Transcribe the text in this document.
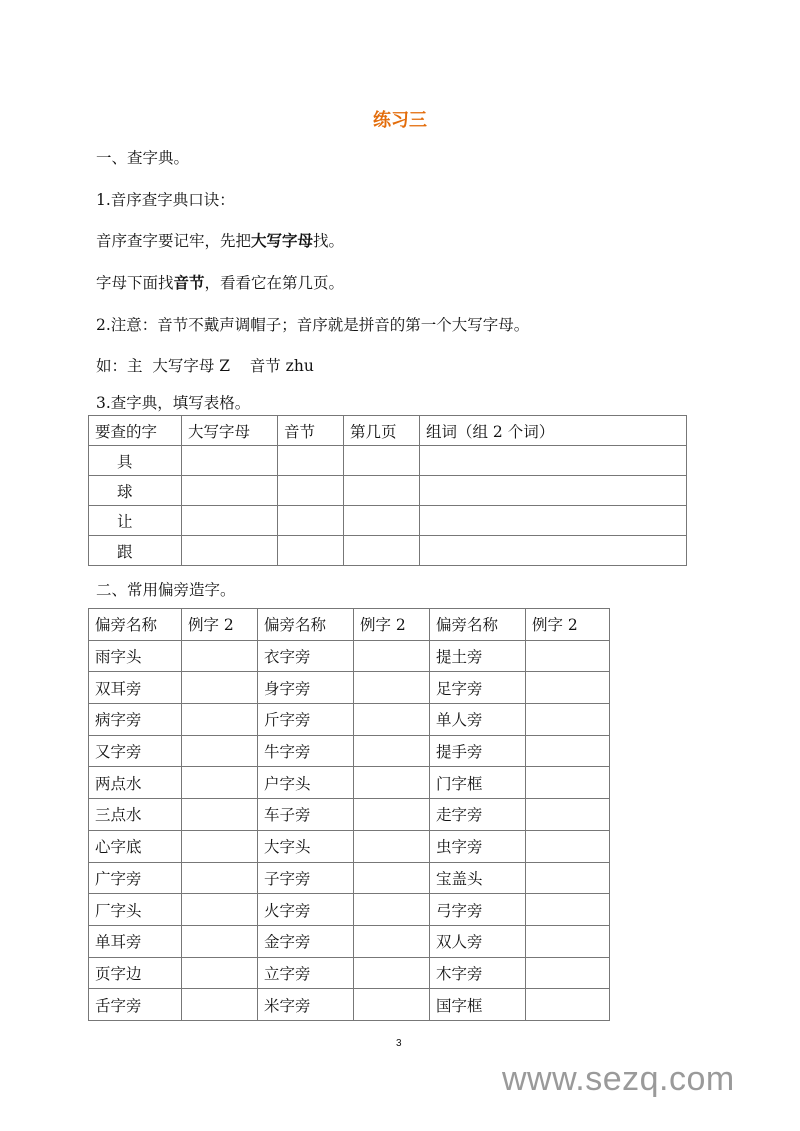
练习三
一、查字典。
1.音序查字典口诀：
音序查字要记牢，先把大写字母找。
字母下面找音节，看看它在第几页。
2.注意：音节不戴声调帽子；音序就是拼音的第一个大写字母。
如：主  大写字母 Z    音节 zhu
3.查字典，填写表格。
要查的字	大写字母	音节	第几页	组词（组 2 个词）
具				
球				
让				
跟				
二、常用偏旁造字。
偏旁名称	例字 2	偏旁名称	例字 2	偏旁名称	例字 2
雨字头		衣字旁		提土旁	
双耳旁		身字旁		足字旁	
病字旁		斤字旁		单人旁	
又字旁		牛字旁		提手旁	
两点水		户字头		门字框	
三点水		车子旁		走字旁	
心字底		大字头		虫字旁	
广字旁		子字旁		宝盖头	
厂字头		火字旁		弓字旁	
单耳旁		金字旁		双人旁	
页字边		立字旁		木字旁	
舌字旁		米字旁		国字框	
3
www.sezq.com
